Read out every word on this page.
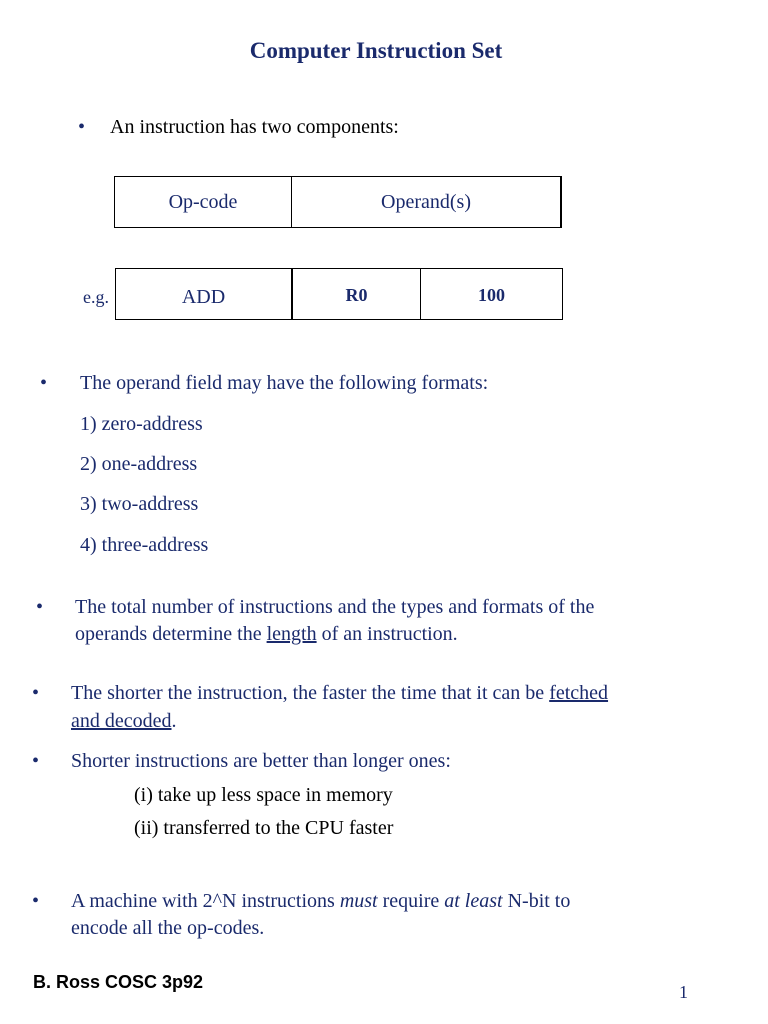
Computer Instruction Set
• An instruction has two components:
Op-code	Operand(s)
e.g.	ADD	R0	100
• The operand field may have the following formats:
1) zero-address
2) one-address
3) two-address
4) three-address
• The total number of instructions and the types and formats of the
operands determine the length of an instruction.
• The shorter the instruction, the faster the time that it can be fetched
and decoded.
• Shorter instructions are better than longer ones:
(i) take up less space in memory
(ii) transferred to the CPU faster
• A machine with 2^N instructions must require at least N-bit to
encode all the op-codes.
B. Ross COSC 3p92	1
